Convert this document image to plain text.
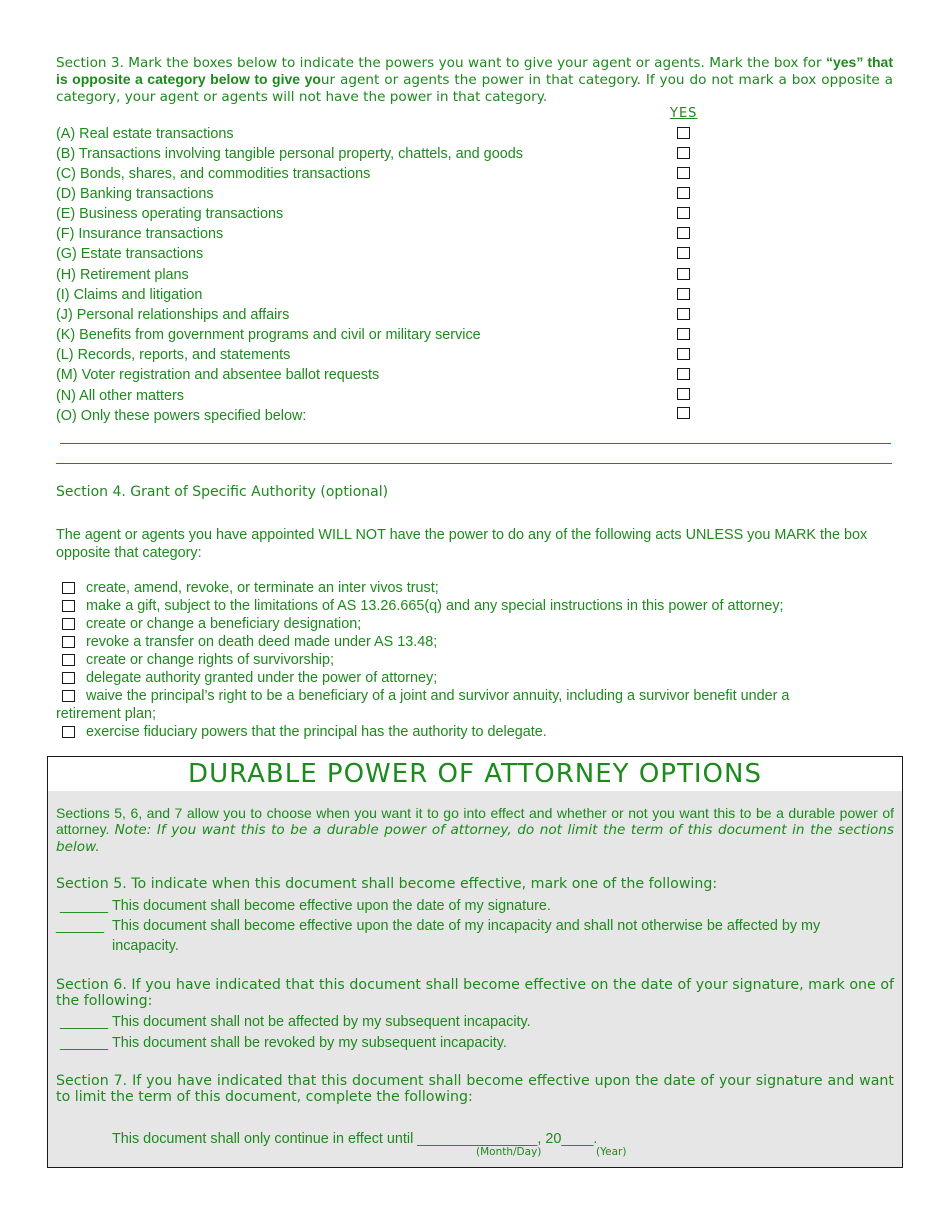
Section 3. Mark the boxes below to indicate the powers you want to give your agent or agents. Mark the box for “yes” that is opposite a category below to give your agent or agents the power in that category. If you do not mark a box opposite a category, your agent or agents will not have the power in that category.
YES
(A) Real estate transactions
(B) Transactions involving tangible personal property, chattels, and goods
(C) Bonds, shares, and commodities transactions
(D) Banking transactions
(E) Business operating transactions
(F) Insurance transactions
(G) Estate transactions
(H) Retirement plans
(I) Claims and litigation
(J) Personal relationships and affairs
(K) Benefits from government programs and civil or military service
(L) Records, reports, and statements
(M) Voter registration and absentee ballot requests
(N) All other matters
(O) Only these powers specified below:
Section 4. Grant of Specific Authority (optional)
The agent or agents you have appointed WILL NOT have the power to do any of the following acts UNLESS you MARK the box opposite that category:
create, amend, revoke, or terminate an inter vivos trust;
make a gift, subject to the limitations of AS 13.26.665(q) and any special instructions in this power of attorney;
create or change a beneficiary designation;
revoke a transfer on death deed made under AS 13.48;
create or change rights of survivorship;
delegate authority granted under the power of attorney;
waive the principal’s right to be a beneficiary of a joint and survivor annuity, including a survivor benefit under a
retirement plan;
exercise fiduciary powers that the principal has the authority to delegate.
DURABLE POWER OF ATTORNEY OPTIONS
Sections 5, 6, and 7 allow you to choose when you want it to go into effect and whether or not you want this to be a durable power of attorney. Note: If you want this to be a durable power of attorney, do not limit the term of this document in the sections below.
Section 5. To indicate when this document shall become effective, mark one of the following:
______ This document shall become effective upon the date of my signature.
______ This document shall become effective upon the date of my incapacity and shall not otherwise be affected by my
incapacity.
Section 6. If you have indicated that this document shall become effective on the date of your signature, mark one of the following:
______ This document shall not be affected by my subsequent incapacity.
______ This document shall be revoked by my subsequent incapacity.
Section 7. If you have indicated that this document shall become effective upon the date of your signature and want to limit the term of this document, complete the following:
This document shall only continue in effect until _______________, 20____.
(Month/Day)	(Year)
